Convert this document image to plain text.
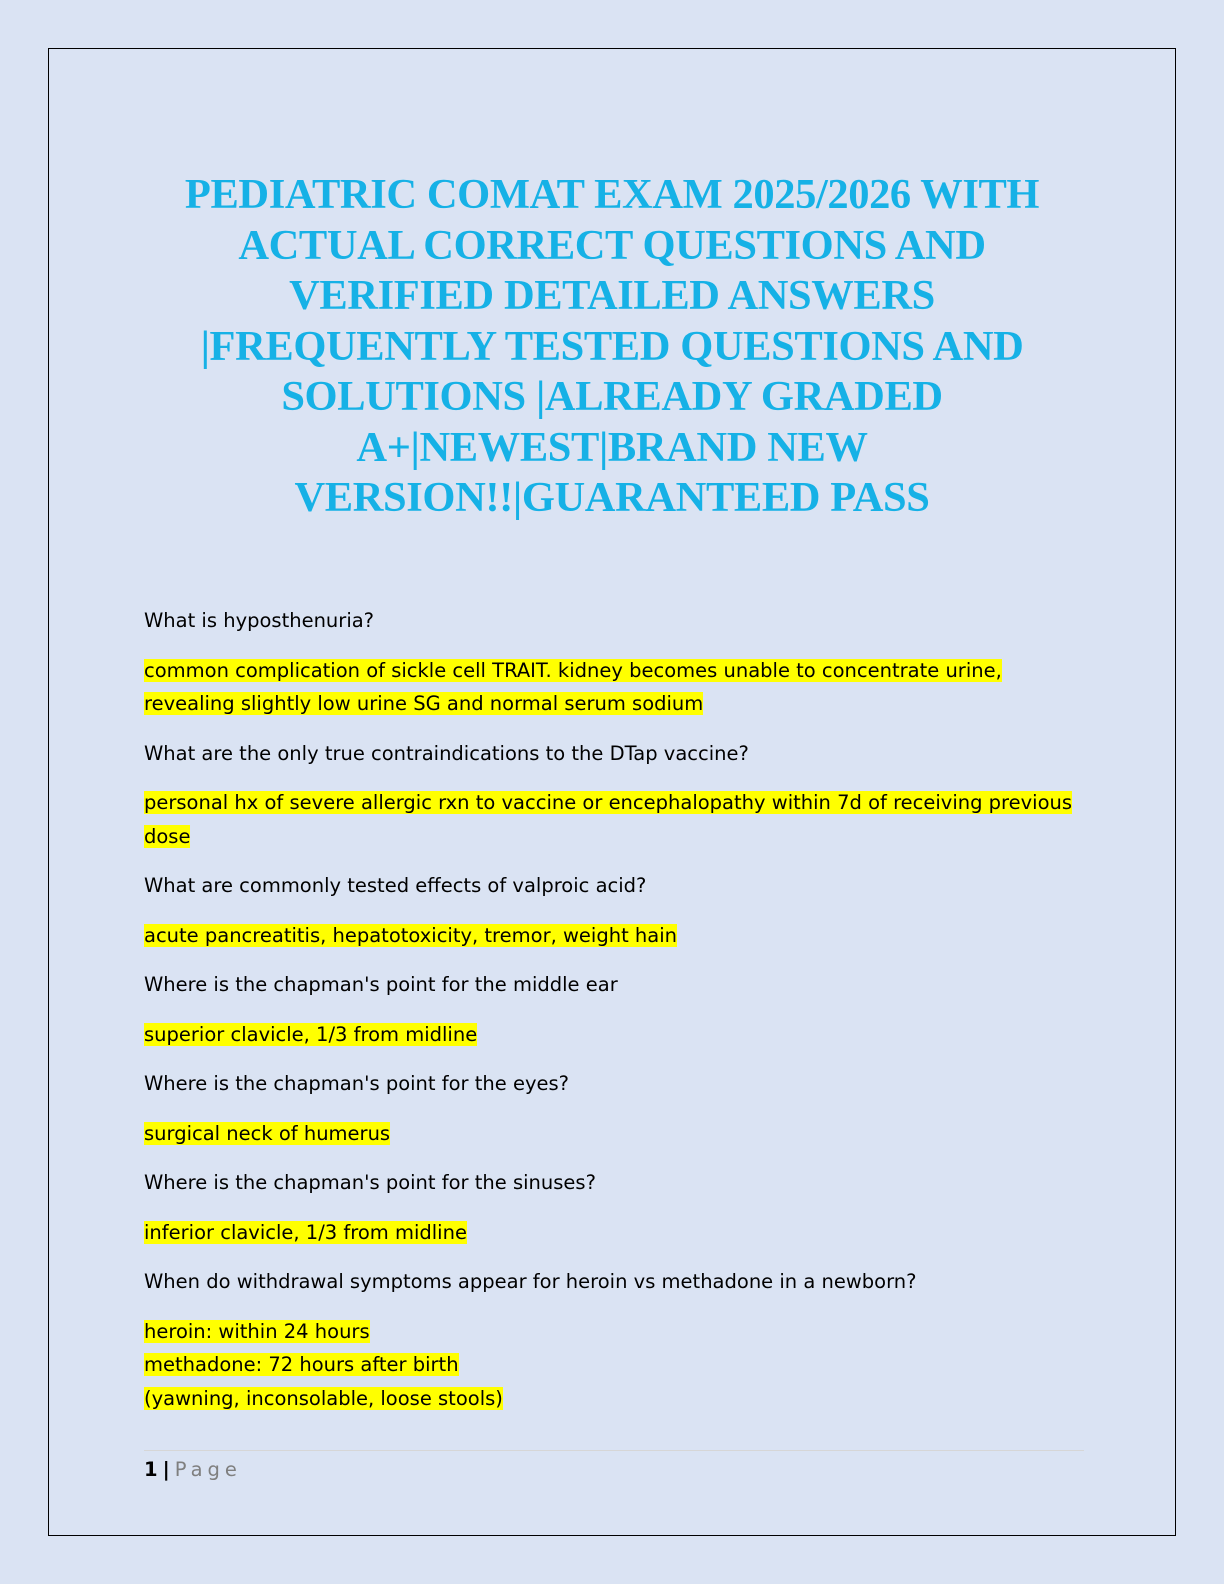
PEDIATRIC COMAT EXAM 2025/2026 WITH
ACTUAL CORRECT QUESTIONS AND
VERIFIED DETAILED ANSWERS
|FREQUENTLY TESTED QUESTIONS AND
SOLUTIONS |ALREADY GRADED
A+|NEWEST|BRAND NEW
VERSION!!|GUARANTEED PASS

What is hyposthenuria?

common complication of sickle cell TRAIT. kidney becomes unable to concentrate urine,
revealing slightly low urine SG and normal serum sodium

What are the only true contraindications to the DTap vaccine?

personal hx of severe allergic rxn to vaccine or encephalopathy within 7d of receiving previous
dose

What are commonly tested effects of valproic acid?

acute pancreatitis, hepatotoxicity, tremor, weight hain

Where is the chapman's point for the middle ear

superior clavicle, 1/3 from midline

Where is the chapman's point for the eyes?

surgical neck of humerus

Where is the chapman's point for the sinuses?

inferior clavicle, 1/3 from midline

When do withdrawal symptoms appear for heroin vs methadone in a newborn?

heroin: within 24 hours
methadone: 72 hours after birth
(yawning, inconsolable, loose stools)
1 | Page
